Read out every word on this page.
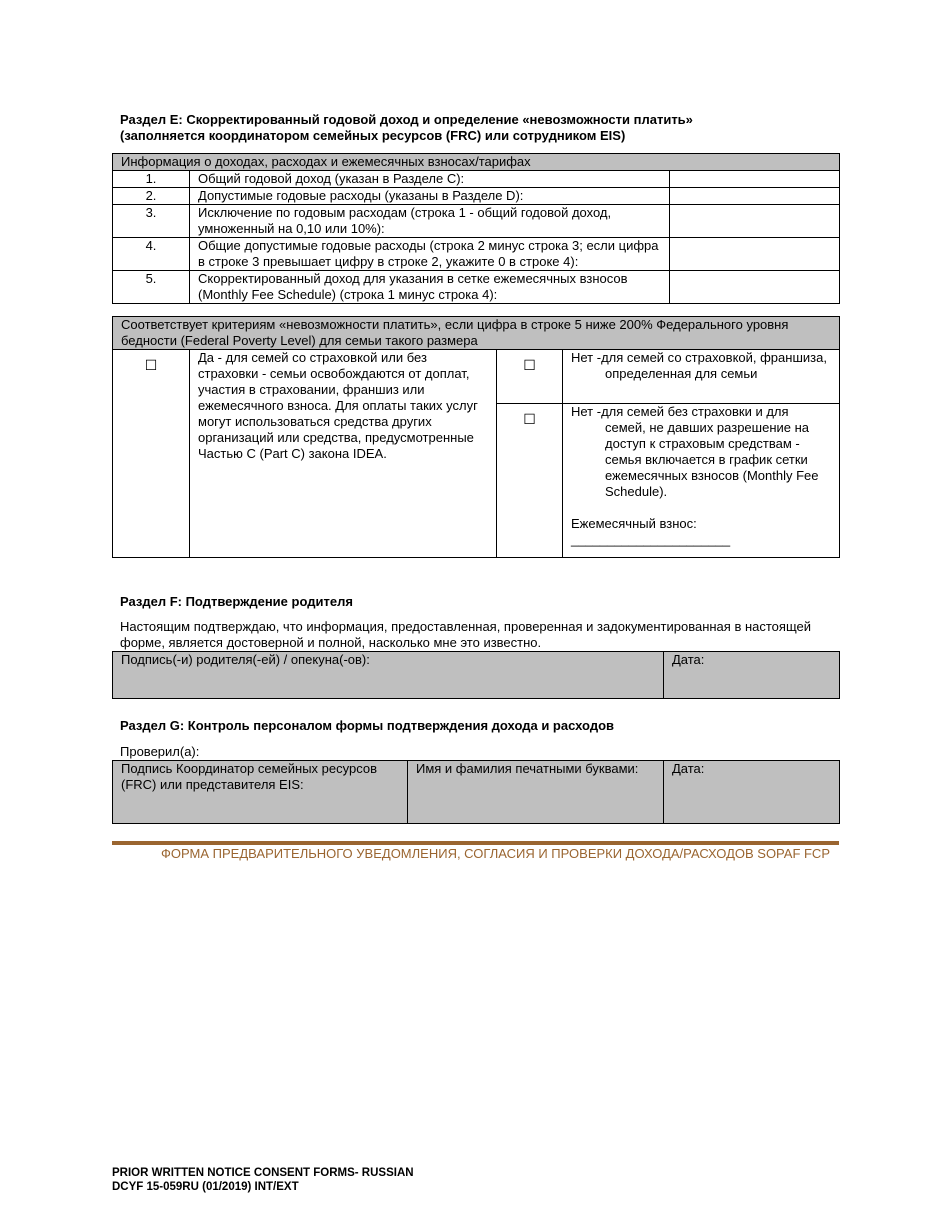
Раздел E: Скорректированный годовой доход и определение «невозможности платить»
(заполняется координатором семейных ресурсов (FRC) или сотрудником EIS)
Информация о доходах, расходах и ежемесячных взносах/тарифах		
1.	Общий годовой доход (указан в Разделе C):	
2.	Допустимые годовые расходы (указаны в Разделе D):	
3.	Исключение по годовым расходам (строка 1 - общий годовой доход, умноженный на 0,10 или 10%):	
4.	Общие допустимые годовые расходы (строка 2 минус строка 3; если цифра в строке 3 превышает цифру в строке 2, укажите 0 в строке 4):	
5.	Скорректированный доход для указания в сетке ежемесячных взносов (Monthly Fee Schedule) (строка 1 минус строка 4):	
Соответствует критериям «невозможности платить», если цифра в строке 5 ниже 200% Федерального уровня бедности (Federal Poverty Level) для семьи такого размера			
☐	Да - для семей со страховкой или без страховки - семьи освобождаются от доплат, участия в страховании, франшиз или ежемесячного взноса. Для оплаты таких услуг могут использоваться средства других организаций или средства, предусмотренные Частью C (Part C) закона IDEA.	☐	Нет -для семей со страховкой, франшиза, определенная для семьи
		☐	Нет -для семей без страховки и для семей, не давших разрешение на доступ к страховым средствам - семья включается в график сетки ежемесячных взносов (Monthly Fee Schedule).
Ежемесячный взнос:
______________________
Раздел F: Подтверждение родителя
Настоящим подтверждаю, что информация, предоставленная, проверенная и задокументированная в настоящей форме, является достоверной и полной, насколько мне это известно.
Подпись(-и) родителя(-ей) / опекуна(-ов):	Дата:
Раздел G: Контроль персоналом формы подтверждения дохода и расходов
Проверил(а):
Подпись Координатор семейных ресурсов (FRC) или представителя EIS:	Имя и фамилия печатными буквами:	Дата:
ФОРМА ПРЕДВАРИТЕЛЬНОГО УВЕДОМЛЕНИЯ, СОГЛАСИЯ И ПРОВЕРКИ ДОХОДА/РАСХОДОВ SOPAF FCP
PRIOR WRITTEN NOTICE CONSENT FORMS- RUSSIAN
DCYF 15-059RU (01/2019) INT/EXT
